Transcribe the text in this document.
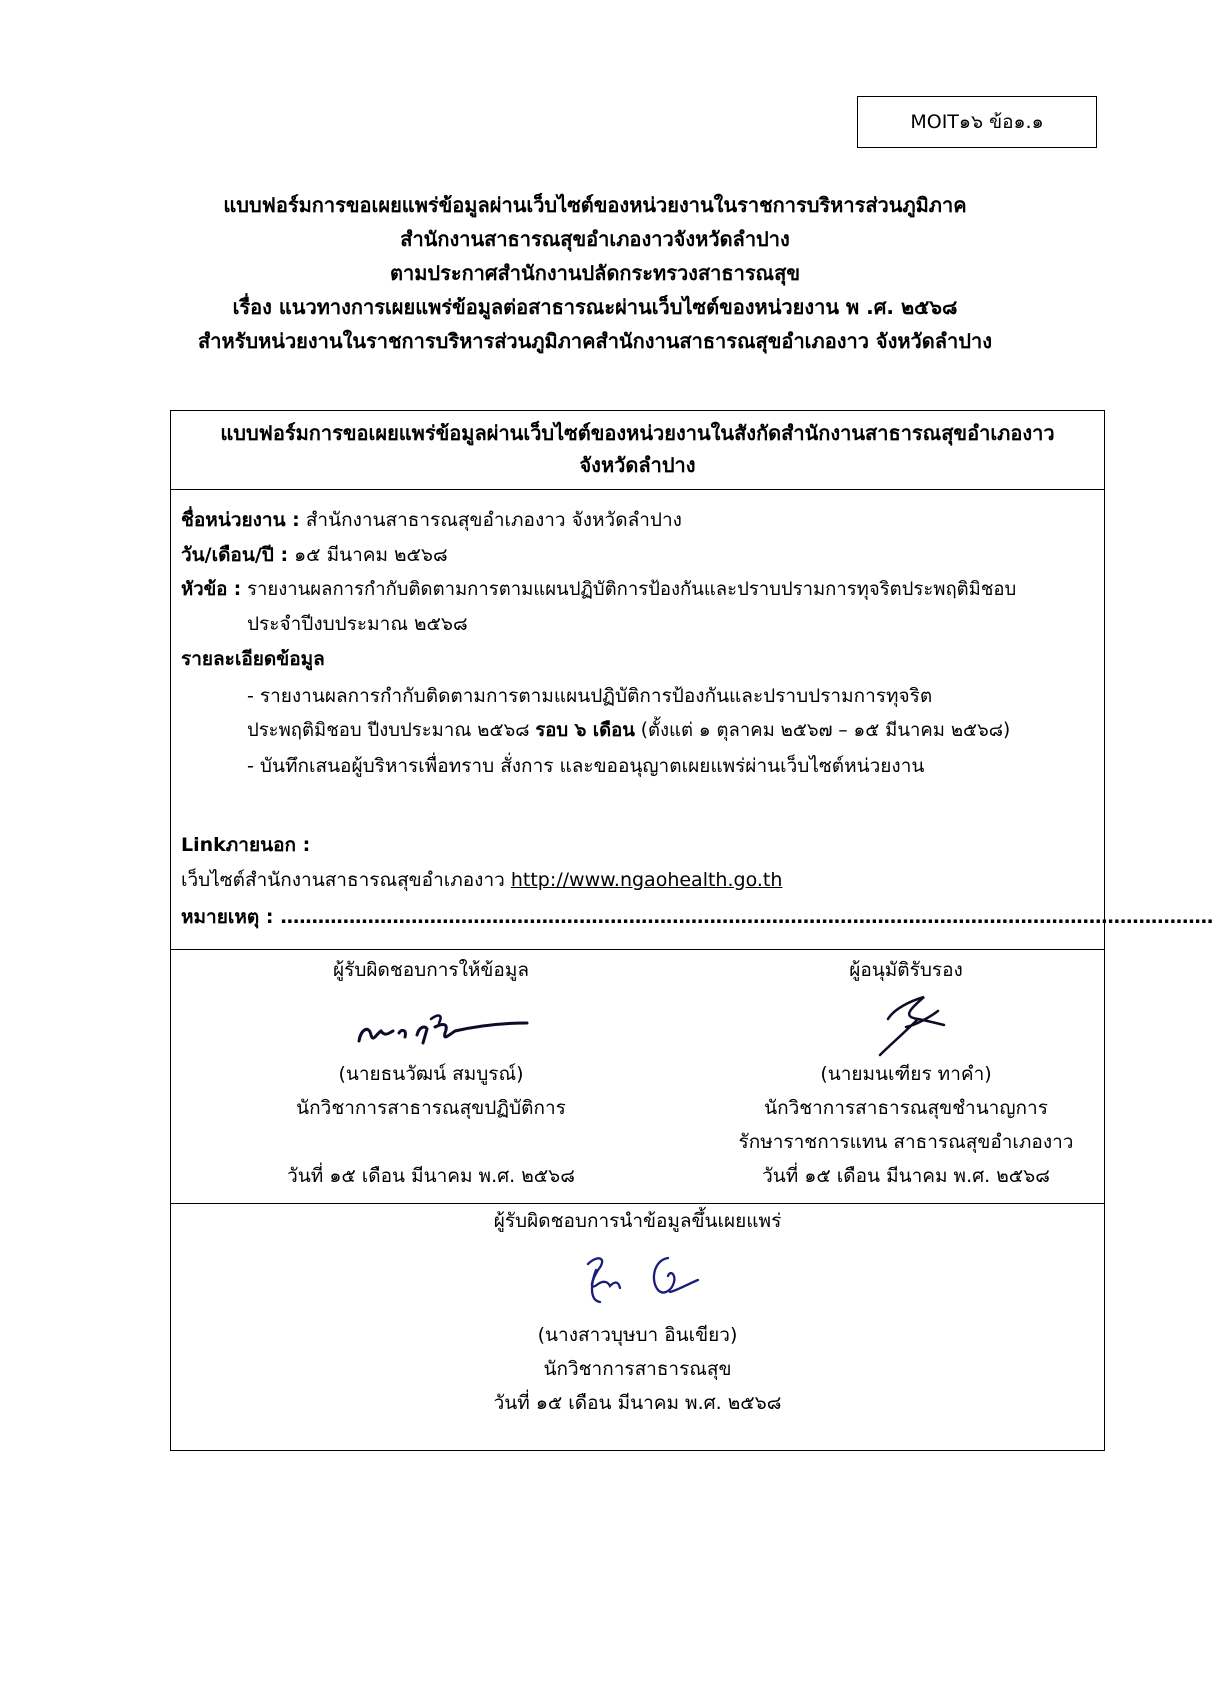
MOIT๑๖ ข้อ๑.๑
แบบฟอร์มการขอเผยแพร่ข้อมูลผ่านเว็บไซต์ของหน่วยงานในราชการบริหารส่วนภูมิภาค
สำนักงานสาธารณสุขอำเภองาวจังหวัดลำปาง
ตามประกาศสำนักงานปลัดกระทรวงสาธารณสุข
เรื่อง แนวทางการเผยแพร่ข้อมูลต่อสาธารณะผ่านเว็บไซต์ของหน่วยงาน พ .ศ. ๒๕๖๘
สำหรับหน่วยงานในราชการบริหารส่วนภูมิภาคสำนักงานสาธารณสุขอำเภองาว จังหวัดลำปาง
แบบฟอร์มการขอเผยแพร่ข้อมูลผ่านเว็บไซต์ของหน่วยงานในสังกัดสำนักงานสาธารณสุขอำเภองาว
จังหวัดลำปาง
ชื่อหน่วยงาน : สำนักงานสาธารณสุขอำเภองาว จังหวัดลำปาง
วัน/เดือน/ปี : ๑๕ มีนาคม ๒๕๖๘
หัวข้อ : รายงานผลการกำกับติดตามการตามแผนปฏิบัติการป้องกันและปราบปรามการทุจริตประพฤติมิชอบ
ประจำปีงบประมาณ ๒๕๖๘
รายละเอียดข้อมูล
- รายงานผลการกำกับติดตามการตามแผนปฏิบัติการป้องกันและปราบปรามการทุจริต
ประพฤติมิชอบ ปีงบประมาณ ๒๕๖๘ รอบ ๖ เดือน (ตั้งแต่ ๑ ตุลาคม ๒๕๖๗ – ๑๕ มีนาคม ๒๕๖๘)
- บันทึกเสนอผู้บริหารเพื่อทราบ สั่งการ และขออนุญาตเผยแพร่ผ่านเว็บไซต์หน่วยงาน
Linkภายนอก :
เว็บไซต์สำนักงานสาธารณสุขอำเภองาว http://www.ngaohealth.go.th
หมายเหตุ : ......................................................................................................................................................
ผู้รับผิดชอบการให้ข้อมูล
(นายธนวัฒน์ สมบูรณ์)
นักวิชาการสาธารณสุขปฏิบัติการ
วันที่ ๑๕ เดือน มีนาคม พ.ศ. ๒๕๖๘
ผู้อนุมัติรับรอง
(นายมนเฑียร ทาคำ)
นักวิชาการสาธารณสุขชำนาญการ
รักษาราชการแทน สาธารณสุขอำเภองาว
วันที่ ๑๕ เดือน มีนาคม พ.ศ. ๒๕๖๘
ผู้รับผิดชอบการนำข้อมูลขึ้นเผยแพร่
(นางสาวบุษบา อินเขียว)
นักวิชาการสาธารณสุข
วันที่ ๑๕ เดือน มีนาคม พ.ศ. ๒๕๖๘
